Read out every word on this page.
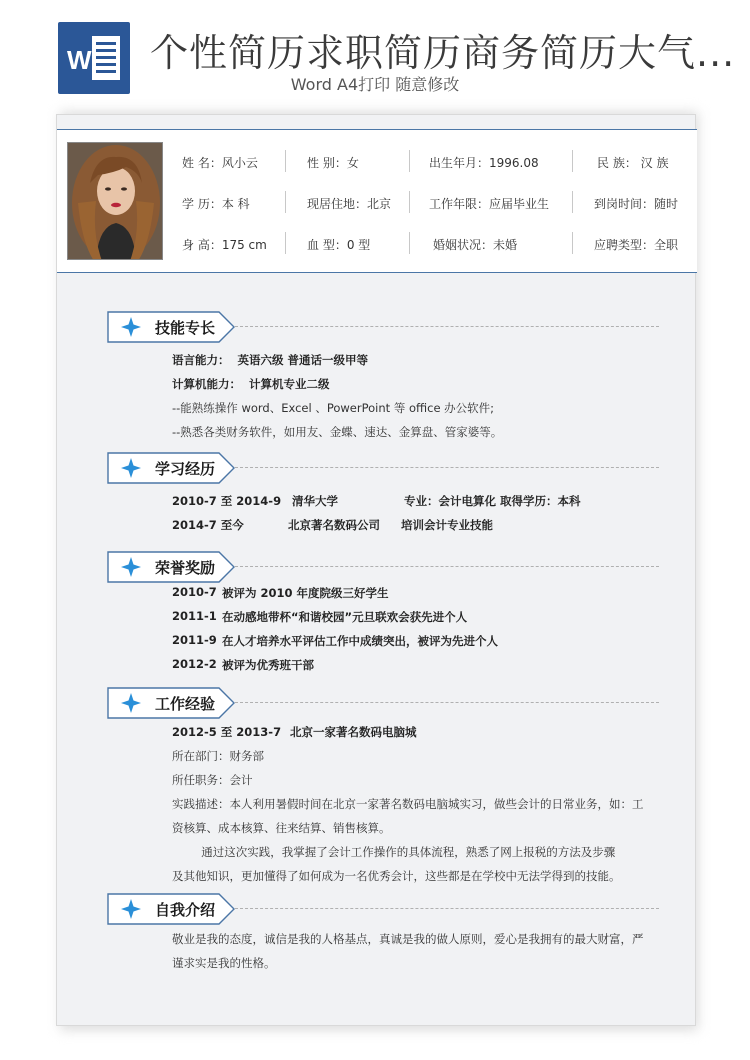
W 个性简历求职简历商务简历大气...
Word A4打印 随意修改
姓 名：风小云	性 别：女	出生年月：1996.08	民 族： 汉 族
学 历：本 科	现居住地：北京	工作年限：应届毕业生	到岗时间：随时
身 高：175 cm	血 型：0 型	婚姻状况：未婚	应聘类型：全职
技能专长
语言能力： 英语六级 普通话一级甲等
计算机能力： 计算机专业二级
--能熟练操作 word、Excel 、PowerPoint 等 office 办公软件;
--熟悉各类财务软件，如用友、金蝶、速达、金算盘、管家婆等。
学习经历
2010-7 至 2014-9 清华大学	专业：会计电算化 取得学历：本科
2014-7 至今	北京著名数码公司 培训会计专业技能
荣誉奖励
2010-7 被评为 2010 年度院级三好学生
2011-1 在动感地带杯“和谐校园”元旦联欢会获先进个人
2011-9 在人才培养水平评估工作中成绩突出，被评为先进个人
2012-2 被评为优秀班干部
工作经验
2012-5 至 2013-7 北京一家著名数码电脑城
所在部门：财务部
所任职务：会计
实践描述：本人利用暑假时间在北京一家著名数码电脑城实习，做些会计的日常业务，如：工
资核算、成本核算、往来结算、销售核算。
通过这次实践，我掌握了会计工作操作的具体流程，熟悉了网上报税的方法及步骤
及其他知识，更加懂得了如何成为一名优秀会计，这些都是在学校中无法学得到的技能。
自我介绍
敬业是我的态度，诚信是我的人格基点，真诚是我的做人原则，爱心是我拥有的最大财富，严
谨求实是我的性格。
